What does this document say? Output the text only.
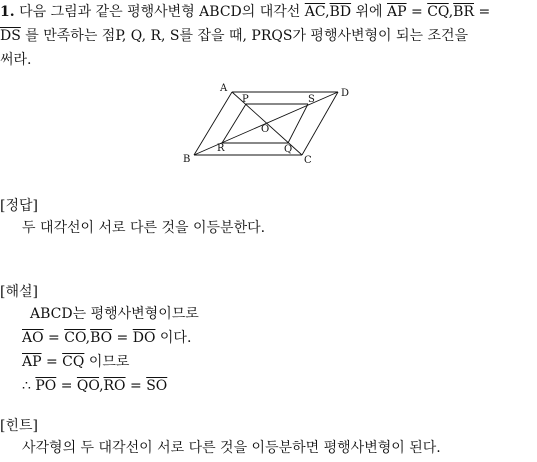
1. 다음 그림과 같은 평행사변형 ABCD의 대각선 $\overline{AC},\overline{BD}$ 위에 $\overline{AP} = \overline{CQ},\overline{BR}$ =
$\overline{DS}$ 를 만족하는 점P, Q, R, S를 잡을 때, PRQS가 평행사변형이 되는 조건을
써라.
A
B	C
D
P
Q
R
S
O
[정답]
두 대각선이 서로 다른 것을 이등분한다.
[해설]
ABCD는 평행사변형이므로
$\overline{AO} = \overline{CO},\overline{BO} = \overline{DO}$ 이다.
$\overline{AP} = \overline{CQ}$ 이므로
∴ $\overline{PO} = \overline{QO},\overline{RO} = \overline{SO}$
[힌트]
사각형의 두 대각선이 서로 다른 것을 이등분하면 평행사변형이 된다.
